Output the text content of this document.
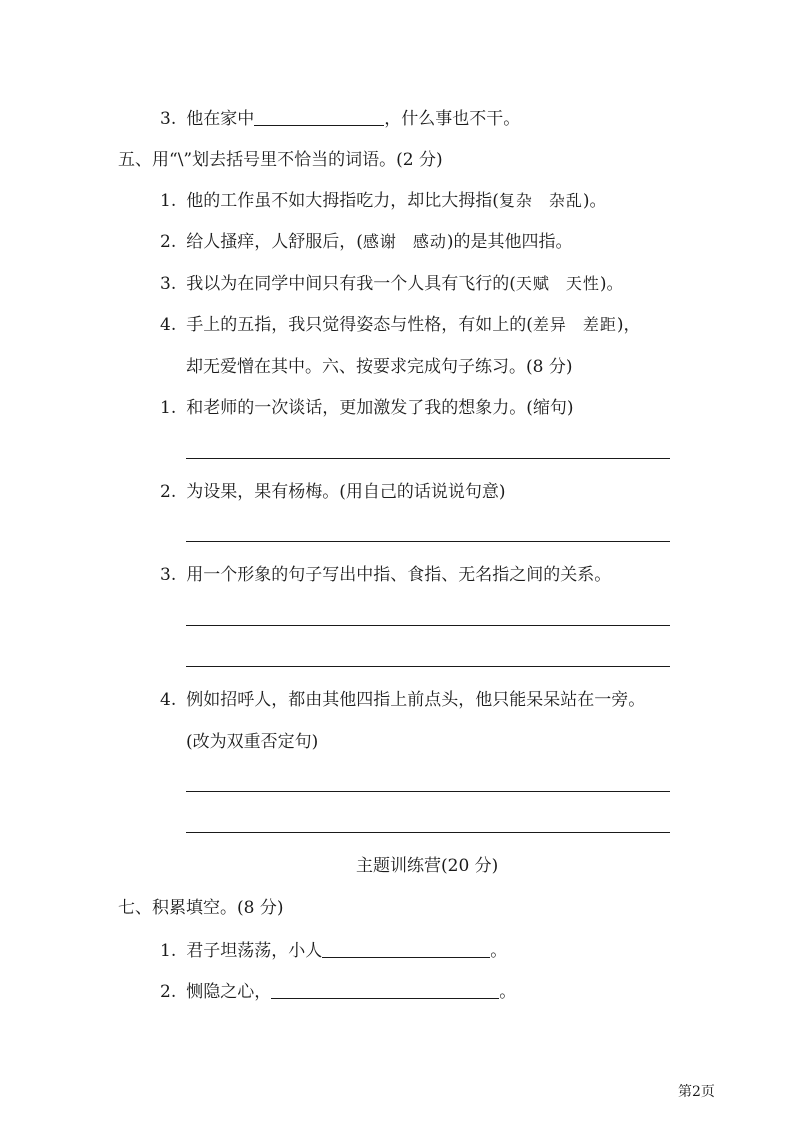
3. 他在家中	，什么事也不干。
五、用“\”划去括号里不恰当的词语。(2 分)
1. 他的工作虽不如大拇指吃力，却比大拇指(复杂 杂乱)。
2. 给人搔痒，人舒服后，(感谢 感动)的是其他四指。
3. 我以为在同学中间只有我一个人具有飞行的(天赋 天性)。
4. 手上的五指，我只觉得姿态与性格，有如上的(差异 差距)，
却无爱憎在其中。六、按要求完成句子练习。(8 分)
1. 和老师的一次谈话，更加激发了我的想象力。(缩句)
2. 为设果，果有杨梅。(用自己的话说说句意)
3. 用一个形象的句子写出中指、食指、无名指之间的关系。
4. 例如招呼人，都由其他四指上前点头，他只能呆呆站在一旁。
(改为双重否定句)
主题训练营(20 分)
七、积累填空。(8 分)
1. 君子坦荡荡，小人	。
2. 恻隐之心，	。
第2页
